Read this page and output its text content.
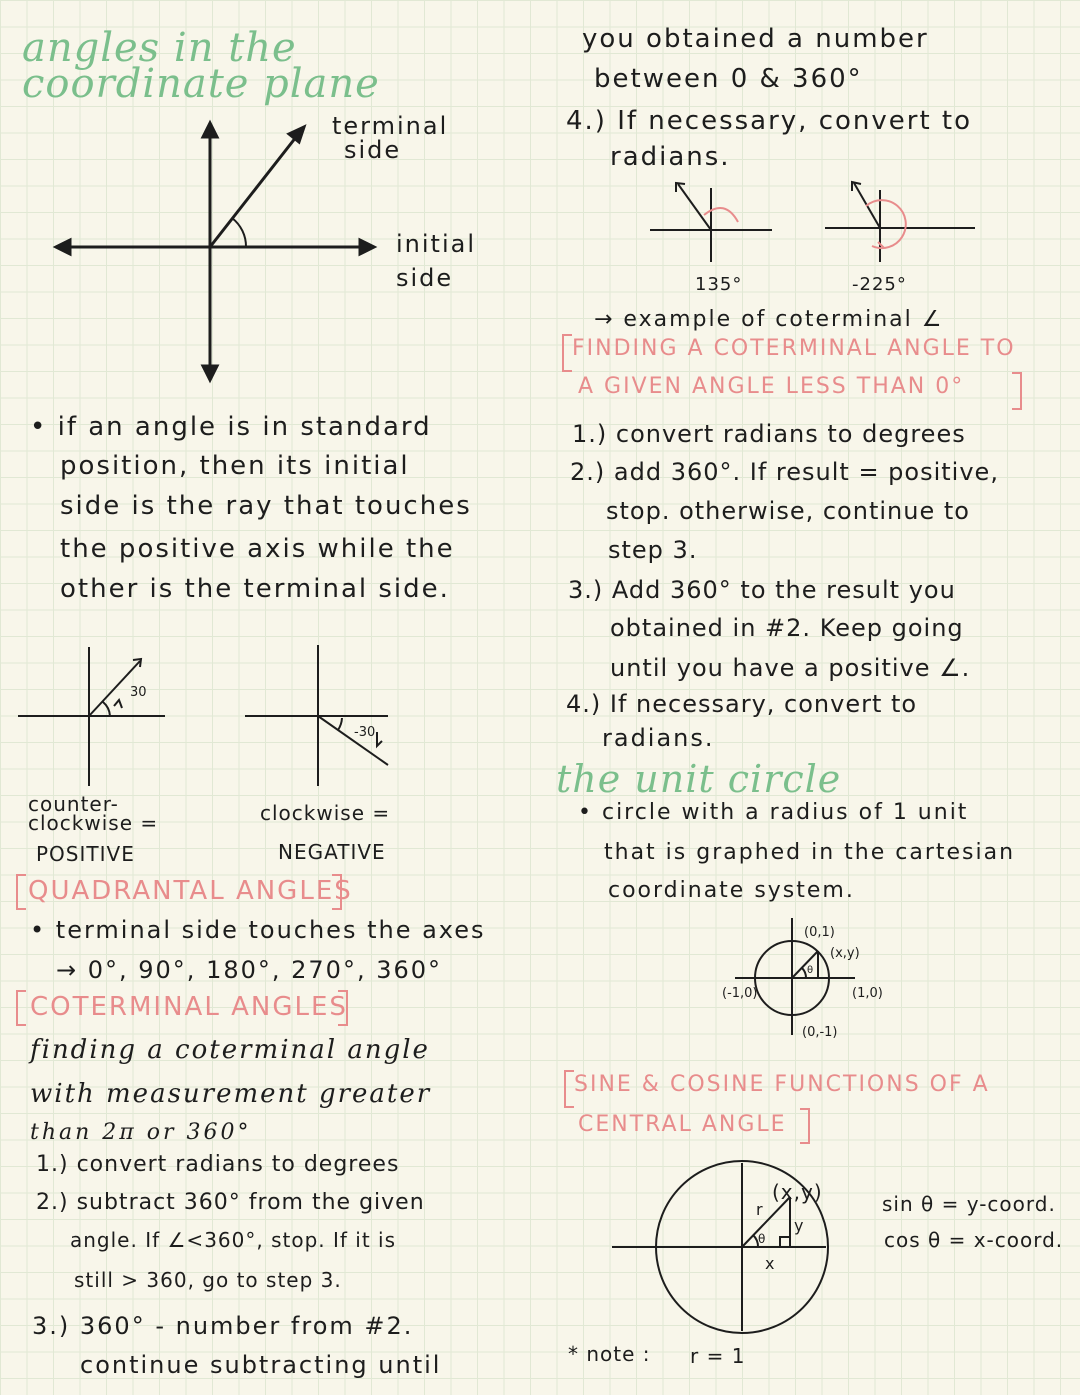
angles in the
coordinate plane
terminal
side
initial
side
• if an angle is in standard
position, then its initial
side is the ray that touches
the positive axis while the
other is the terminal side.
30
-30
counter-
clockwise =
POSITIVE
clockwise =
NEGATIVE
QUADRANTAL ANGLES
• terminal side touches the axes
→ 0°, 90°, 180°, 270°, 360°
COTERMINAL ANGLES
finding a coterminal angle
with measurement greater
than 2π or 360°
1.) convert radians to degrees
2.) subtract 360° from the given
angle. If ∠<360°, stop. If it is
still > 360, go to step 3.
3.) 360° - number from #2.
continue subtracting until
you obtained a number
between 0 & 360°
4.) If necessary, convert to
radians.
135°	-225°
→ example of coterminal ∠
FINDING A COTERMINAL ANGLE TO
A GIVEN ANGLE LESS THAN 0°
1.) convert radians to degrees
2.) add 360°. If result = positive,
stop. otherwise, continue to
step 3.
3.) Add 360° to the result you
obtained in #2. Keep going
until you have a positive ∠.
4.) If necessary, convert to
radians.
the unit circle
• circle with a radius of 1 unit
that is graphed in the cartesian
coordinate system.
(0,1)
(x,y)
(-1,0)	(1,0)
(0,-1)
θ
SINE & COSINE FUNCTIONS OF A
CENTRAL ANGLE
(x,y)
r
y
x
θ
sin θ = y-coord.
cos θ = x-coord.
* note : r = 1
